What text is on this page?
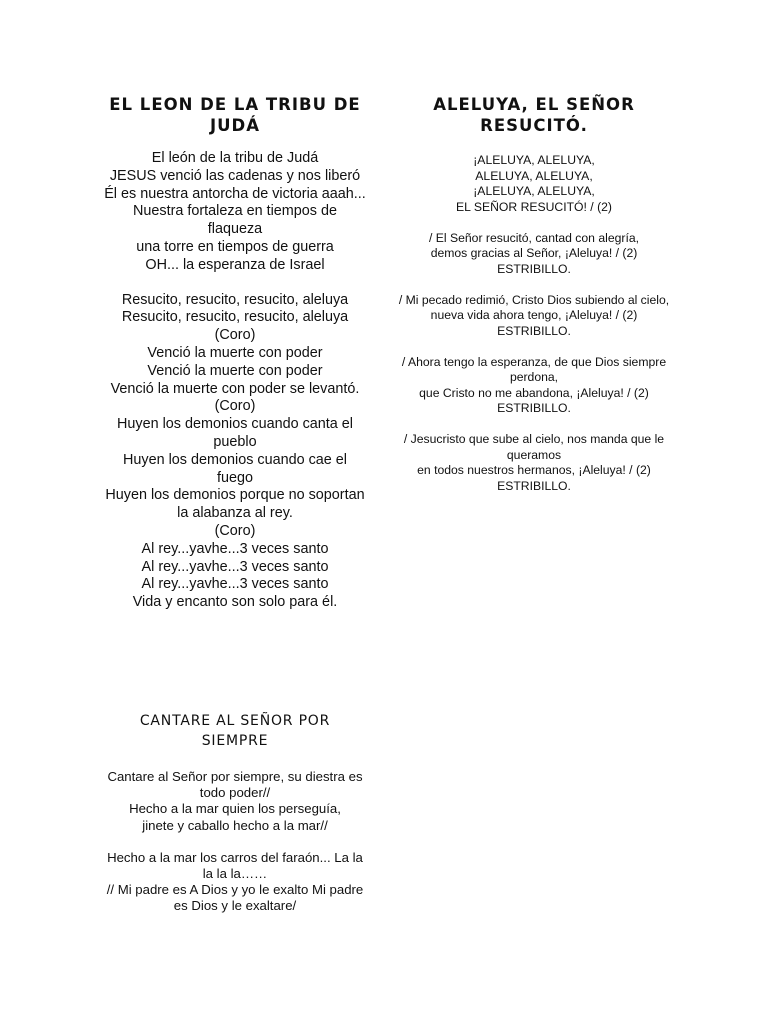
EL LEON DE LA TRIBU DE JUDÁ
El león de la tribu de Judá
JESUS venció las cadenas y nos liberó
Él es nuestra antorcha de victoria aaah...
Nuestra fortaleza en tiempos de flaqueza
una torre en tiempos de guerra
OH... la esperanza de Israel
Resucito, resucito, resucito, aleluya
Resucito, resucito, resucito, aleluya
(Coro)
Venció la muerte con poder
Venció la muerte con poder
Venció la muerte con poder se levantó.
(Coro)
Huyen los demonios cuando canta el pueblo
Huyen los demonios cuando cae el fuego
Huyen los demonios porque no soportan la alabanza al rey.
(Coro)
Al rey...yavhe...3 veces santo
Al rey...yavhe...3 veces santo
Al rey...yavhe...3 veces santo
Vida y encanto son solo para él.
ALELUYA, EL SEÑOR RESUCITÓ.
¡ALELUYA, ALELUYA,
ALELUYA, ALELUYA,
¡ALELUYA, ALELUYA,
EL SEÑOR RESUCITÓ! / (2)
/ El Señor resucitó, cantad con alegría,
demos gracias al Señor, ¡Aleluya! / (2)
ESTRIBILLO.
/ Mi pecado redimió, Cristo Dios subiendo al cielo,
nueva vida ahora tengo, ¡Aleluya! / (2)
ESTRIBILLO.
/ Ahora tengo la esperanza, de que Dios siempre perdona,
que Cristo no me abandona, ¡Aleluya! / (2)
ESTRIBILLO.
/ Jesucristo que sube al cielo, nos manda que le queramos
en todos nuestros hermanos, ¡Aleluya! / (2)
ESTRIBILLO.
CANTARE AL SEÑOR POR SIEMPRE
Cantare al Señor por siempre, su diestra es todo poder//
Hecho a la mar quien los perseguía,
jinete y caballo hecho a la mar//
Hecho a la mar los carros del faraón... La la la la la……
// Mi padre es A Dios y yo le exalto Mi padre es Dios y le exaltare/
